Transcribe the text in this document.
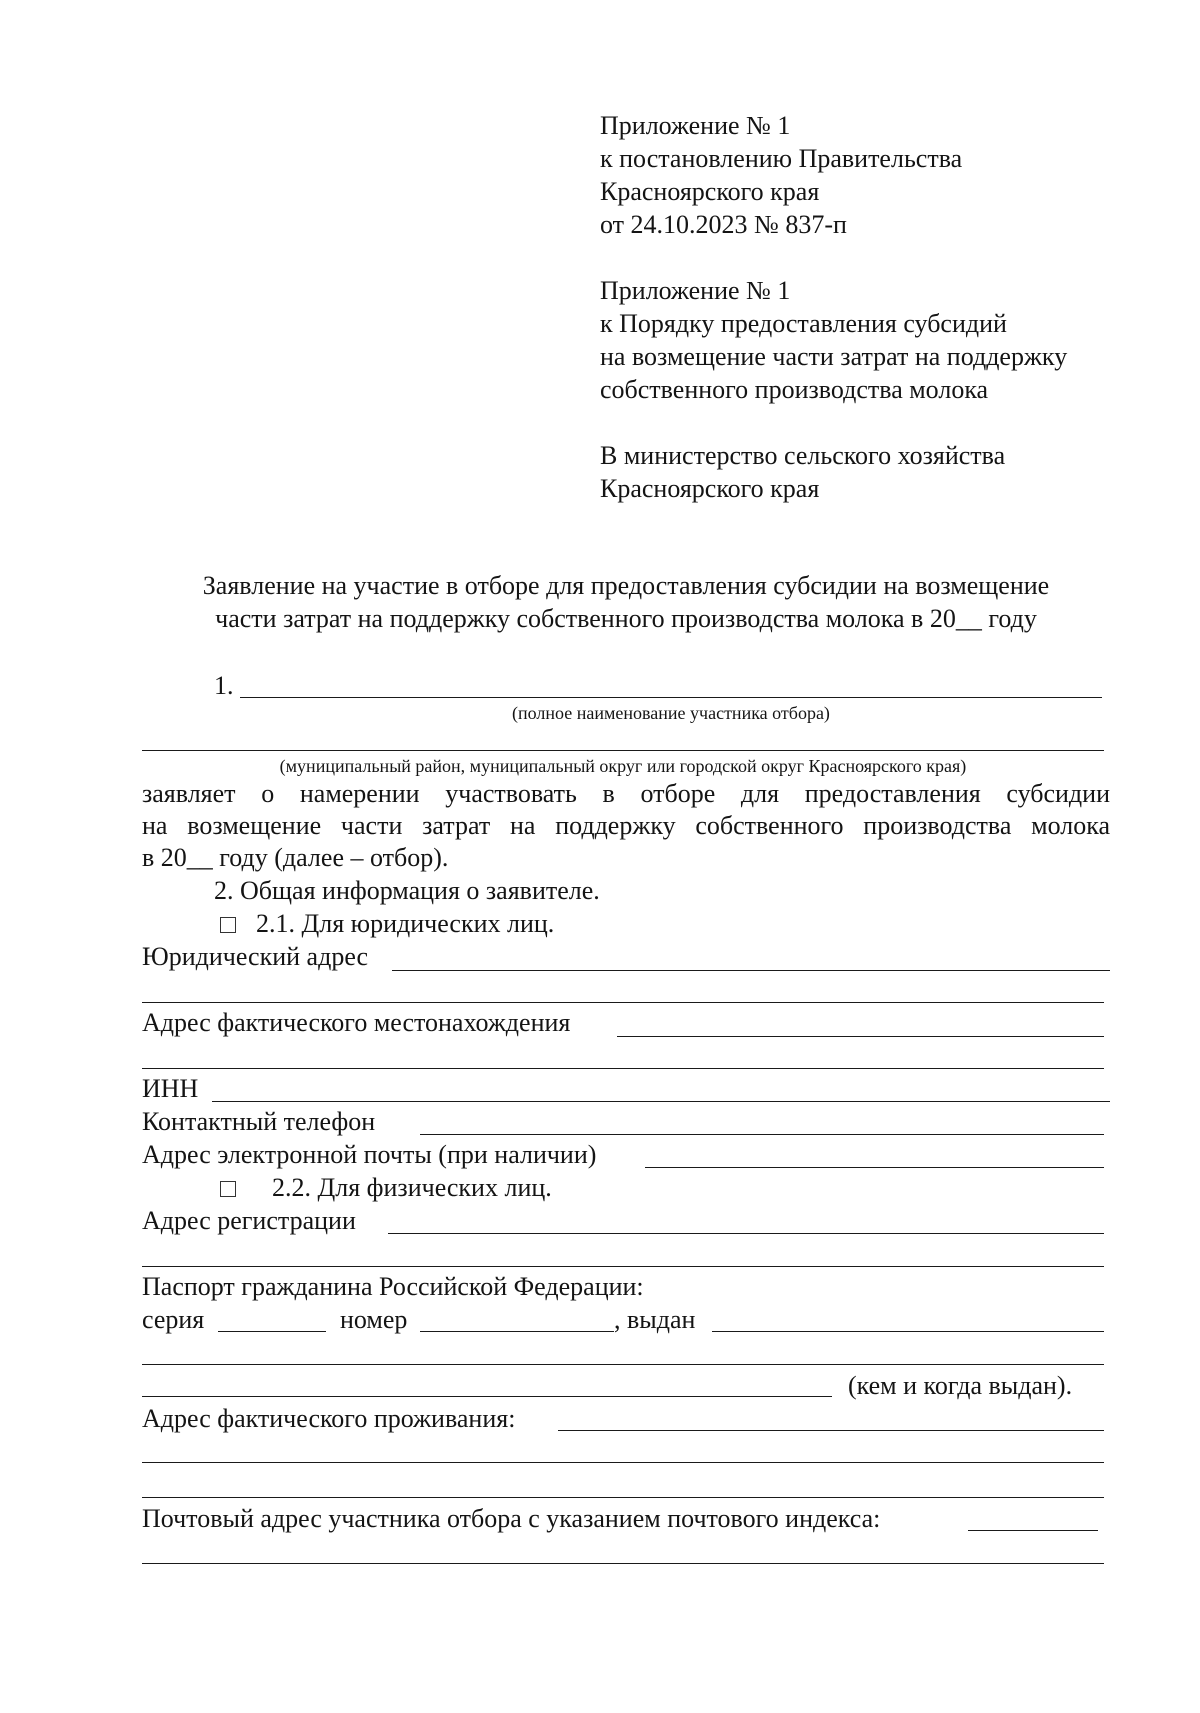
Приложение № 1
к постановлению Правительства
Красноярского края
от 24.10.2023 № 837-п
Приложение № 1
к Порядку предоставления субсидий
на возмещение части затрат на поддержку
собственного производства молока
В министерство сельского хозяйства
Красноярского края
Заявление на участие в отборе для предоставления субсидии на возмещение
части затрат на поддержку собственного производства молока в 20__ году
1.
(полное наименование участника отбора)
(муниципальный район, муниципальный округ или городской округ Красноярского края)
заявляет о намерении участвовать в отборе для предоставления субсидии
на возмещение части затрат на поддержку собственного производства молока
в 20__ году (далее – отбор).
2. Общая информация о заявителе.
2.1. Для юридических лиц.
Юридический адрес
Адрес фактического местонахождения
ИНН
Контактный телефон
Адрес электронной почты (при наличии)
2.2. Для физических лиц.
Адрес регистрации
Паспорт гражданина Российской Федерации:
серия	номер	, выдан
(кем и когда выдан).
Адрес фактического проживания:
Почтовый адрес участника отбора с указанием почтового индекса:
